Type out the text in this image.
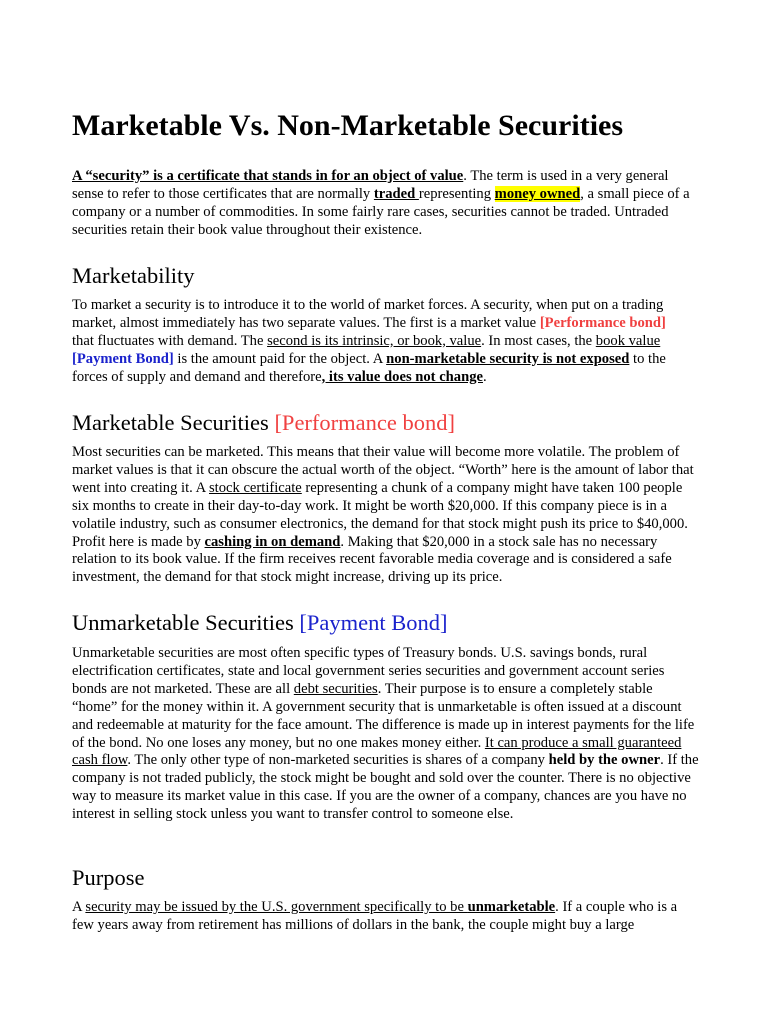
Marketable Vs. Non-Marketable Securities

A “security” is a certificate that stands in for an object of value. The term is used in a very general sense to refer to those certificates that are normally traded representing money owned, a small piece of a company or a number of commodities. In some fairly rare cases, securities cannot be traded. Untraded securities retain their book value throughout their existence.

Marketability

To market a security is to introduce it to the world of market forces. A security, when put on a trading market, almost immediately has two separate values. The first is a market value [Performance bond]
that fluctuates with demand. The second is its intrinsic, or book, value. In most cases, the book value
[Payment Bond] is the amount paid for the object. A non-marketable security is not exposed to the forces of supply and demand and therefore, its value does not change.

Marketable Securities [Performance bond]

Most securities can be marketed. This means that their value will become more volatile. The problem of market values is that it can obscure the actual worth of the object. “Worth” here is the amount of labor that went into creating it. A stock certificate representing a chunk of a company might have taken 100 people six months to create in their day-to-day work. It might be worth $20,000. If this company piece is in a volatile industry, such as consumer electronics, the demand for that stock might push its price to $40,000. Profit here is made by cashing in on demand. Making that $20,000 in a stock sale has no necessary relation to its book value. If the firm receives recent favorable media coverage and is considered a safe investment, the demand for that stock might increase, driving up its price.

Unmarketable Securities [Payment Bond]

Unmarketable securities are most often specific types of Treasury bonds. U.S. savings bonds, rural electrification certificates, state and local government series securities and government account series bonds are not marketed. These are all debt securities. Their purpose is to ensure a completely stable “home” for the money within it. A government security that is unmarketable is often issued at a discount and redeemable at maturity for the face amount. The difference is made up in interest payments for the life of the bond. No one loses any money, but no one makes money either. It can produce a small guaranteed cash flow. The only other type of non-marketed securities is shares of a company held by the owner. If the company is not traded publicly, the stock might be bought and sold over the counter. There is no objective way to measure its market value in this case. If you are the owner of a company, chances are you have no interest in selling stock unless you want to transfer control to someone else.

Purpose

A security may be issued by the U.S. government specifically to be unmarketable. If a couple who is a few years away from retirement has millions of dollars in the bank, the couple might buy a large
